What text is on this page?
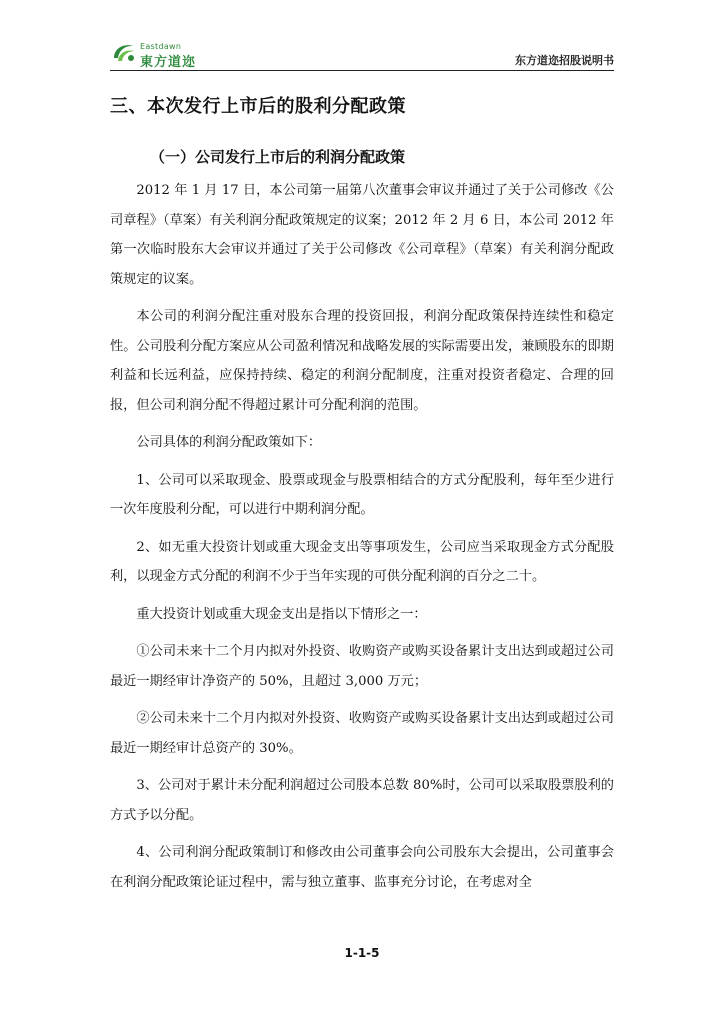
Eastdawn
東方道迩	东方道迩招股说明书
三、本次发行上市后的股利分配政策
（一）公司发行上市后的利润分配政策

2012 年 1 月 17 日，本公司第一届第八次董事会审议并通过了关于公司修改《公司章程》（草案）有关利润分配政策规定的议案；2012 年 2 月 6 日，本公司 2012 年第一次临时股东大会审议并通过了关于公司修改《公司章程》（草案）有关利润分配政策规定的议案。

本公司的利润分配注重对股东合理的投资回报，利润分配政策保持连续性和稳定性。公司股利分配方案应从公司盈利情况和战略发展的实际需要出发，兼顾股东的即期利益和长远利益，应保持持续、稳定的利润分配制度，注重对投资者稳定、合理的回报，但公司利润分配不得超过累计可分配利润的范围。

公司具体的利润分配政策如下：

1、公司可以采取现金、股票或现金与股票相结合的方式分配股利，每年至少进行一次年度股利分配，可以进行中期利润分配。

2、如无重大投资计划或重大现金支出等事项发生，公司应当采取现金方式分配股利，以现金方式分配的利润不少于当年实现的可供分配利润的百分之二十。

重大投资计划或重大现金支出是指以下情形之一：

①公司未来十二个月内拟对外投资、收购资产或购买设备累计支出达到或超过公司最近一期经审计净资产的 50%，且超过 3,000 万元；

②公司未来十二个月内拟对外投资、收购资产或购买设备累计支出达到或超过公司最近一期经审计总资产的 30%。

3、公司对于累计未分配利润超过公司股本总数 80%时，公司可以采取股票股利的方式予以分配。

4、公司利润分配政策制订和修改由公司董事会向公司股东大会提出，公司董事会在利润分配政策论证过程中，需与独立董事、监事充分讨论，在考虑对全

1-1-5
